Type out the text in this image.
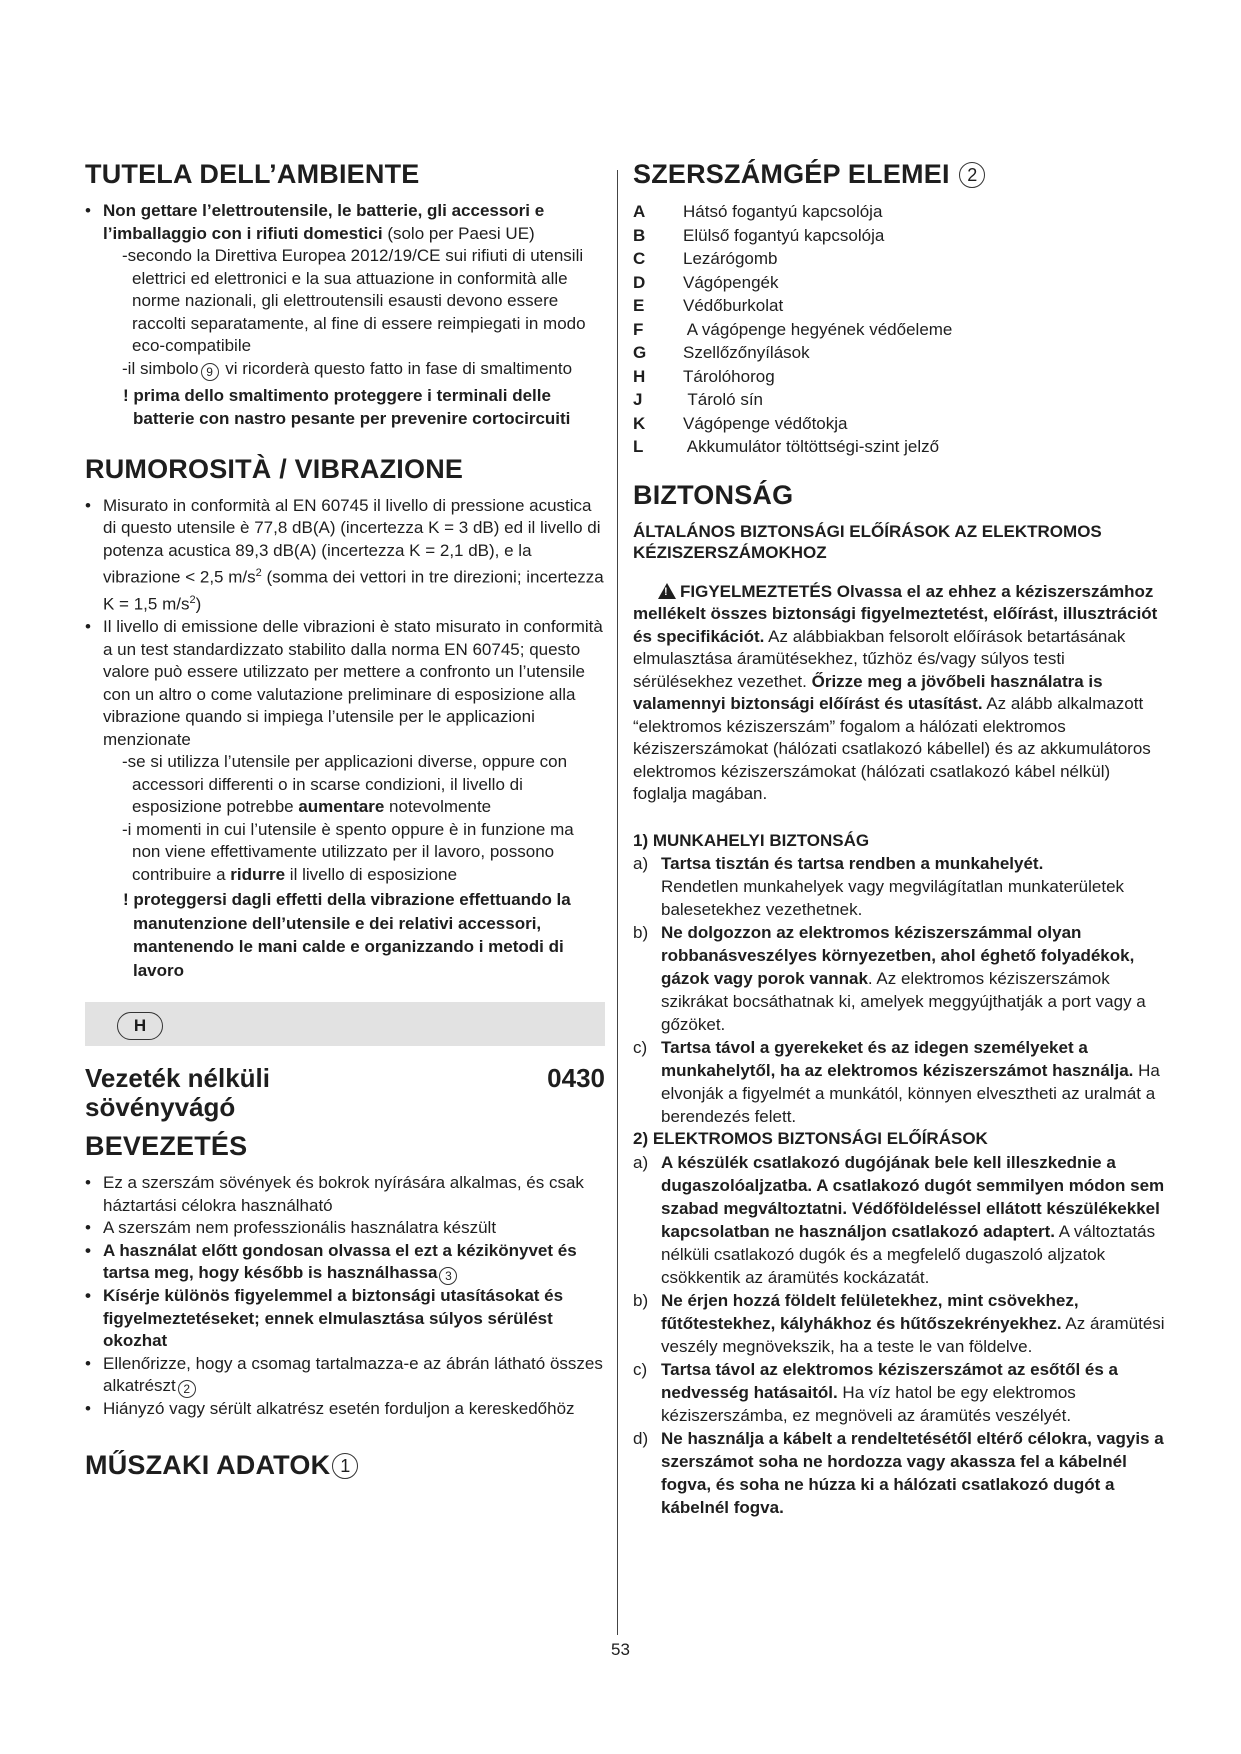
TUTELA DELL’AMBIENTE
• Non gettare l’elettroutensile, le batterie, gli accessori e l’imballaggio con i rifiuti domestici (solo per Paesi UE)

-secondo la Direttiva Europea 2012/19/CE sui rifiuti di utensili elettrici ed elettronici e la sua attuazione in conformità alle norme nazionali, gli elettroutensili esausti devono essere raccolti separatamente, al fine di essere reimpiegati in modo eco-compatibile

-il simbolo 9 vi ricorderà questo fatto in fase di smaltimento

! prima dello smaltimento proteggere i terminali delle batterie con nastro pesante per prevenire cortocircuiti

RUMOROSITÀ / VIBRAZIONE
• Misurato in conformità al EN 60745 il livello di pressione acustica di questo utensile è 77,8 dB(A) (incertezza K = 3 dB) ed il livello di potenza acustica 89,3 dB(A) (incertezza K = 2,1 dB), e la vibrazione < 2,5 $m/s^2$ (somma dei vettori in tre direzioni; incertezza K = 1,5 $m/s^2$)
• Il livello di emissione delle vibrazioni è stato misurato in conformità a un test standardizzato stabilito dalla norma EN 60745; questo valore può essere utilizzato per mettere a confronto un l’utensile con un altro o come valutazione preliminare di esposizione alla vibrazione quando si impiega l’utensile per le applicazioni menzionate

-se si utilizza l’utensile per applicazioni diverse, oppure con accessori differenti o in scarse condizioni, il livello di esposizione potrebbe aumentare notevolmente

-i momenti in cui l’utensile è spento oppure è in funzione ma non viene effettivamente utilizzato per il lavoro, possono contribuire a ridurre il livello di esposizione

! proteggersi dagli effetti della vibrazione effettuando la manutenzione dell’utensile e dei relativi accessori, mantenendo le mani calde e organizzando i metodi di lavoro

H
Vezeték nélküli
sövényvágó
0430
BEVEZETÉS
• Ez a szerszám sövények és bokrok nyírására alkalmas, és csak háztartási célokra használható
• A szerszám nem professzionális használatra készült
• A használat előtt gondosan olvassa el ezt a kézikönyvet és tartsa meg, hogy később is használhassa 3
• Kísérje különös figyelemmel a biztonsági utasításokat és figyelmeztetéseket; ennek elmulasztása súlyos sérülést okozhat
• Ellenőrizze, hogy a csomag tartalmazza-e az ábrán látható összes alkatrészt 2
• Hiányzó vagy sérült alkatrész esetén forduljon a kereskedőhöz
MŰSZAKI ADATOK 1
SZERSZÁMGÉP ELEMEI 2
A	Hátsó fogantyú kapcsolója
B	Elülső fogantyú kapcsolója
C	Lezárógomb
D	Vágópengék
E	Védőburkolat
F	A vágópenge hegyének védőeleme
G	Szellőzőnyílások
H	Tárolóhorog
J	Tároló sín
K	Vágópenge védőtokja
L	Akkumulátor töltöttségi-szint jelző
BIZTONSÁG
ÁLTALÁNOS BIZTONSÁGI ELŐÍRÁSOK AZ ELEKTROMOS KÉZISZERSZÁMOKHOZ

!FIGYELMEZTETÉS Olvassa el az ehhez a kéziszerszámhoz mellékelt összes biztonsági figyelmeztetést, előírást, illusztrációt és specifikációt. Az alábbiakban felsorolt előírások betartásának elmulasztása áramütésekhez, tűzhöz és/vagy súlyos testi sérülésekhez vezethet. Őrizze meg a jövőbeli használatra is valamennyi biztonsági előírást és utasítást. Az alább alkalmazott “elektromos kéziszerszám” fogalom a hálózati elektromos kéziszerszámokat (hálózati csatlakozó kábellel) és az akkumulátoros elektromos kéziszerszámokat (hálózati csatlakozó kábel nélkül) foglalja magában.

1) MUNKAHELYI BIZTONSÁG
a) Tartsa tisztán és tartsa rendben a munkahelyét.
Rendetlen munkahelyek vagy megvilágítatlan munkaterületek balesetekhez vezethetnek.
b) Ne dolgozzon az elektromos kéziszerszámmal olyan robbanásveszélyes környezetben, ahol éghető folyadékok, gázok vagy porok vannak. Az elektromos kéziszerszámok szikrákat bocsáthatnak ki, amelyek meggyújthatják a port vagy a gőzöket.
c) Tartsa távol a gyerekeket és az idegen személyeket a munkahelytől, ha az elektromos kéziszerszámot használja. Ha elvonják a figyelmét a munkától, könnyen elvesztheti az uralmát a berendezés felett.
2) ELEKTROMOS BIZTONSÁGI ELŐÍRÁSOK
a) A készülék csatlakozó dugójának bele kell illeszkednie a dugaszolóaljzatba. A csatlakozó dugót semmilyen módon sem szabad megváltoztatni. Védőföldeléssel ellátott készülékekkel kapcsolatban ne használjon csatlakozó adaptert. A változtatás nélküli csatlakozó dugók és a megfelelő dugaszoló aljzatok csökkentik az áramütés kockázatát.
b) Ne érjen hozzá földelt felületekhez, mint csövekhez, fűtőtestekhez, kályhákhoz és hűtőszekrényekhez. Az áramütési veszély megnövekszik, ha a teste le van földelve.
c) Tartsa távol az elektromos kéziszerszámot az esőtől és a nedvesség hatásaitól. Ha víz hatol be egy elektromos kéziszerszámba, ez megnöveli az áramütés veszélyét.
d) Ne használja a kábelt a rendeltetésétől eltérő célokra, vagyis a szerszámot soha ne hordozza vagy akassza fel a kábelnél fogva, és soha ne húzza ki a hálózati csatlakozó dugót a kábelnél fogva.
53
